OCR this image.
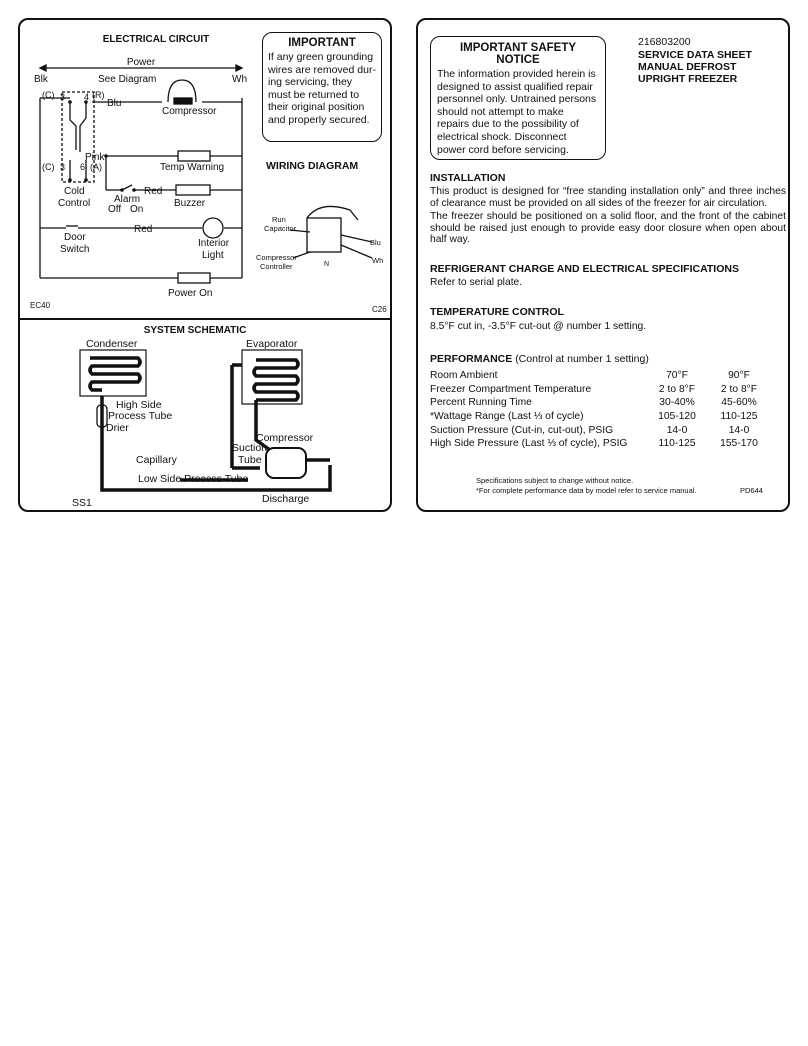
ELECTRICAL CIRCUIT
Power
Blk	Wh
See Diagram
(C) 3 4 (R)
Blu
Compressor
Pink
(C) 3 6 (A)	Temp Warning
Cold
Control Alarm
Off On
Red
Buzzer
Door
Switch
Red
Interior
Light
Power On
EC40	C26
WIRING DIAGRAM
Run
Capacitor
Compressor
Controller
Blu
Wh
N
IMPORTANT
If any green grounding
wires are removed dur-
ing servicing, they
must be returned to
their original position
and properly secured.
SYSTEM SCHEMATIC
Condenser	Evaporator
High Side
Process Tube
Drier
Capillary
Suction
Tube
Compressor
Low Side Process Tube
Discharge
SS1
IMPORTANT SAFETY NOTICE
The information provided herein is
designed to assist qualified repair
personnel only. Untrained persons
should not attempt to make
repairs due to the possibility of
electrical shock. Disconnect
power cord before servicing.
216803200
SERVICE DATA SHEET
MANUAL DEFROST
UPRIGHT FREEZER
INSTALLATION
This product is designed for “free standing installation only” and three inches of clearance must be provided on all sides of the freezer for air circulation.
The freezer should be positioned on a solid floor, and the front of the cabinet should be raised just enough to provide easy door closure when open about half way.
REFRIGERANT CHARGE AND ELECTRICAL SPECIFICATIONS
Refer to serial plate.
TEMPERATURE CONTROL
8.5°F cut in, -3.5°F cut-out @ number 1 setting.
PERFORMANCE (Control at number 1 setting)
Room Ambient	70°F	90°F
Freezer Compartment Temperature	2 to 8°F	2 to 8°F
Percent Running Time	30-40%	45-60%
*Wattage Range (Last ⅓ of cycle)	105-120	110-125
Suction Pressure (Cut-in, cut-out), PSIG	14-0	14-0
High Side Pressure (Last ⅓ of cycle), PSIG	110-125	155-170
Specifications subject to change without notice.
*For complete performance data by model refer to service manual.	PD644
